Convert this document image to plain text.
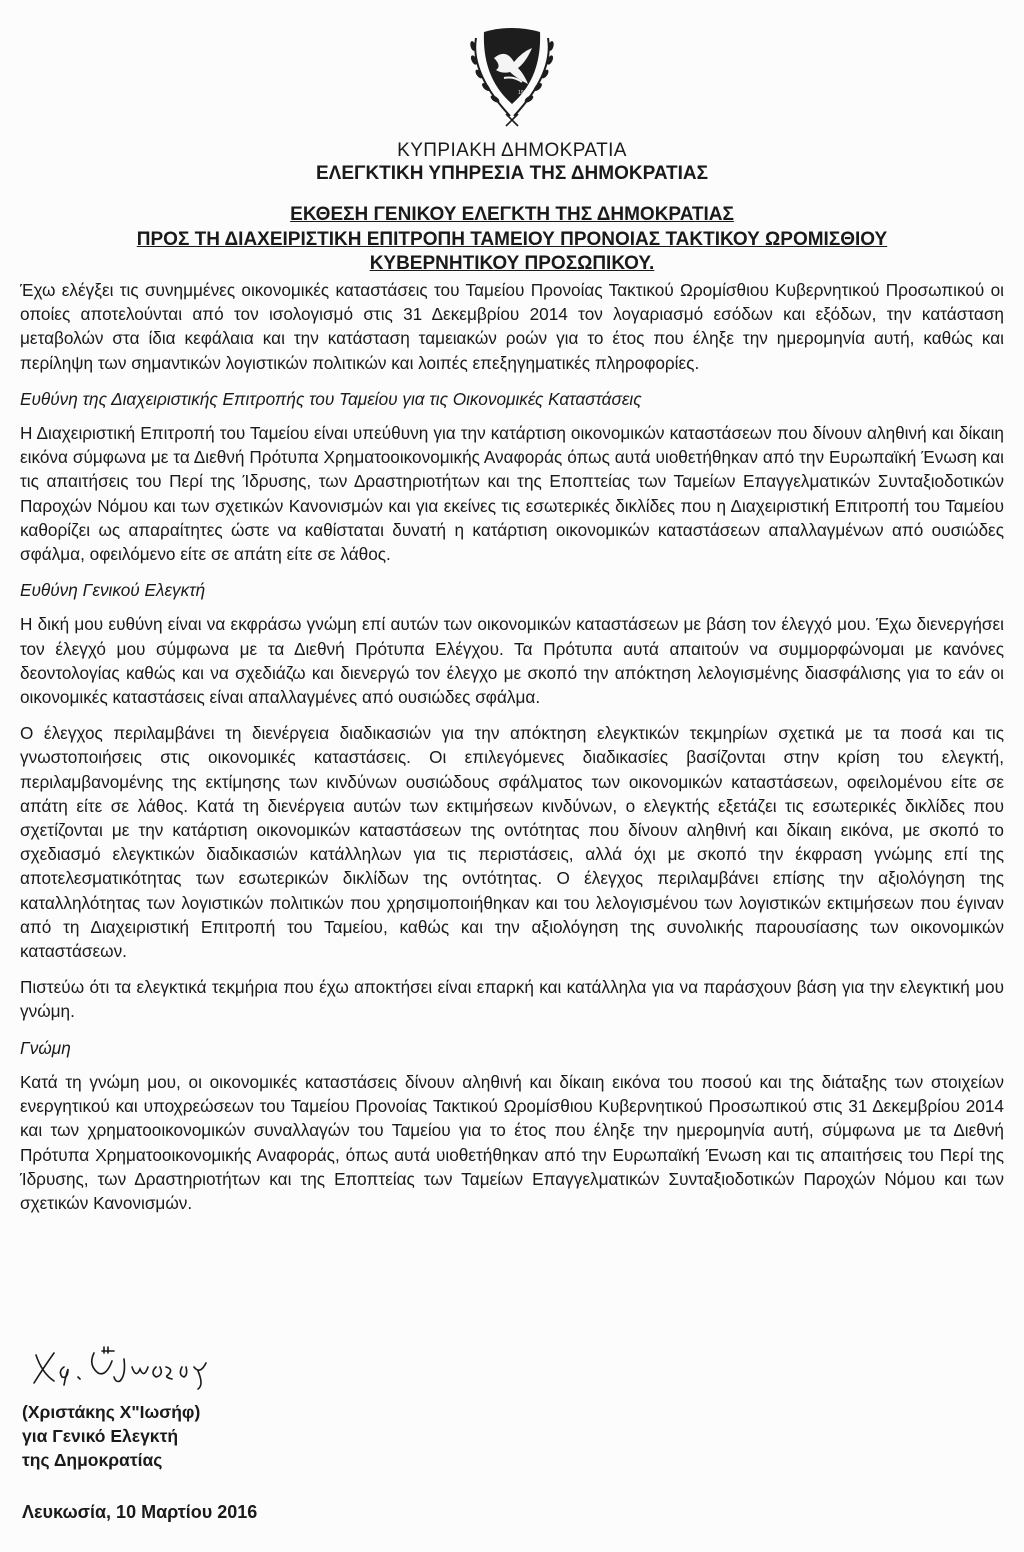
1960
ΚΥΠΡΙΑΚΗ ΔΗΜΟΚΡΑΤΙΑ
ΕΛΕΓΚΤΙΚΗ ΥΠΗΡΕΣΙΑ ΤΗΣ ΔΗΜΟΚΡΑΤΙΑΣ
ΕΚΘΕΣΗ ΓΕΝΙΚΟΥ ΕΛΕΓΚΤΗ ΤΗΣ ΔΗΜΟΚΡΑΤΙΑΣ
ΠΡΟΣ ΤΗ ΔΙΑΧΕΙΡΙΣΤΙΚΗ ΕΠΙΤΡΟΠΗ ΤΑΜΕΙΟΥ ΠΡΟΝΟΙΑΣ ΤΑΚΤΙΚΟΥ ΩΡΟΜΙΣΘΙΟΥ
ΚΥΒΕΡΝΗΤΙΚΟΥ ΠΡΟΣΩΠΙΚΟΥ.

Έχω ελέγξει τις συνημμένες οικονομικές καταστάσεις του Ταμείου Προνοίας Τακτικού Ωρομίσθιου Κυβερνητικού Προσωπικού οι οποίες αποτελούνται από τον ισολογισμό στις 31 Δεκεμβρίου 2014 τον λογαριασμό εσόδων και εξόδων, την κατάσταση μεταβολών στα ίδια κεφάλαια και την κατάσταση ταμειακών ροών για το έτος που έληξε την ημερομηνία αυτή, καθώς και περίληψη των σημαντικών λογιστικών πολιτικών και λοιπές επεξηγηματικές πληροφορίες.

Ευθύνη της Διαχειριστικής Επιτροπής του Ταμείου για τις Οικονομικές Καταστάσεις

Η Διαχειριστική Επιτροπή του Ταμείου είναι υπεύθυνη για την κατάρτιση οικονομικών καταστάσεων που δίνουν αληθινή και δίκαιη εικόνα σύμφωνα με τα Διεθνή Πρότυπα Χρηματοοικονομικής Αναφοράς όπως αυτά υιοθετήθηκαν από την Ευρωπαϊκή Ένωση και τις απαιτήσεις του Περί της Ίδρυσης, των Δραστηριοτήτων και της Εποπτείας των Ταμείων Επαγγελματικών Συνταξιοδοτικών Παροχών Νόμου και των σχετικών Κανονισμών και για εκείνες τις εσωτερικές δικλίδες που η Διαχειριστική Επιτροπή του Ταμείου καθορίζει ως απαραίτητες ώστε να καθίσταται δυνατή η κατάρτιση οικονομικών καταστάσεων απαλλαγμένων από ουσιώδες σφάλμα, οφειλόμενο είτε σε απάτη είτε σε λάθος.

Ευθύνη Γενικού Ελεγκτή

Η δική μου ευθύνη είναι να εκφράσω γνώμη επί αυτών των οικονομικών καταστάσεων με βάση τον έλεγχό μου. Έχω διενεργήσει τον έλεγχό μου σύμφωνα με τα Διεθνή Πρότυπα Ελέγχου. Τα Πρότυπα αυτά απαιτούν να συμμορφώνομαι με κανόνες δεοντολογίας καθώς και να σχεδιάζω και διενεργώ τον έλεγχο με σκοπό την απόκτηση λελογισμένης διασφάλισης για το εάν οι οικονομικές καταστάσεις είναι απαλλαγμένες από ουσιώδες σφάλμα.

Ο έλεγχος περιλαμβάνει τη διενέργεια διαδικασιών για την απόκτηση ελεγκτικών τεκμηρίων σχετικά με τα ποσά και τις γνωστοποιήσεις στις οικονομικές καταστάσεις. Οι επιλεγόμενες διαδικασίες βασίζονται στην κρίση του ελεγκτή, περιλαμβανομένης της εκτίμησης των κινδύνων ουσιώδους σφάλματος των οικονομικών καταστάσεων, οφειλομένου είτε σε απάτη είτε σε λάθος. Κατά τη διενέργεια αυτών των εκτιμήσεων κινδύνων, ο ελεγκτής εξετάζει τις εσωτερικές δικλίδες που σχετίζονται με την κατάρτιση οικονομικών καταστάσεων της οντότητας που δίνουν αληθινή και δίκαιη εικόνα, με σκοπό το σχεδιασμό ελεγκτικών διαδικασιών κατάλληλων για τις περιστάσεις, αλλά όχι με σκοπό την έκφραση γνώμης επί της αποτελεσματικότητας των εσωτερικών δικλίδων της οντότητας. Ο έλεγχος περιλαμβάνει επίσης την αξιολόγηση της καταλληλότητας των λογιστικών πολιτικών που χρησιμοποιήθηκαν και του λελογισμένου των λογιστικών εκτιμήσεων που έγιναν από τη Διαχειριστική Επιτροπή του Ταμείου, καθώς και την αξιολόγηση της συνολικής παρουσίασης των οικονομικών καταστάσεων.

Πιστεύω ότι τα ελεγκτικά τεκμήρια που έχω αποκτήσει είναι επαρκή και κατάλληλα για να παράσχουν βάση για την ελεγκτική μου γνώμη.

Γνώμη

Κατά τη γνώμη μου, οι οικονομικές καταστάσεις δίνουν αληθινή και δίκαιη εικόνα του ποσού και της διάταξης των στοιχείων ενεργητικού και υποχρεώσεων του Ταμείου Προνοίας Τακτικού Ωρομίσθιου Κυβερνητικού Προσωπικού στις 31 Δεκεμβρίου 2014 και των χρηματοοικονομικών συναλλαγών του Ταμείου για το έτος που έληξε την ημερομηνία αυτή, σύμφωνα με τα Διεθνή Πρότυπα Χρηματοοικονομικής Αναφοράς, όπως αυτά υιοθετήθηκαν από την Ευρωπαϊκή Ένωση και τις απαιτήσεις του Περί της Ίδρυσης, των Δραστηριοτήτων και της Εποπτείας των Ταμείων Επαγγελματικών Συνταξιοδοτικών Παροχών Νόμου και των σχετικών Κανονισμών.

(Χριστάκης Χ"Ιωσήφ)
για Γενικό Ελεγκτή
της Δημοκρατίας
Λευκωσία, 10 Μαρτίου 2016
